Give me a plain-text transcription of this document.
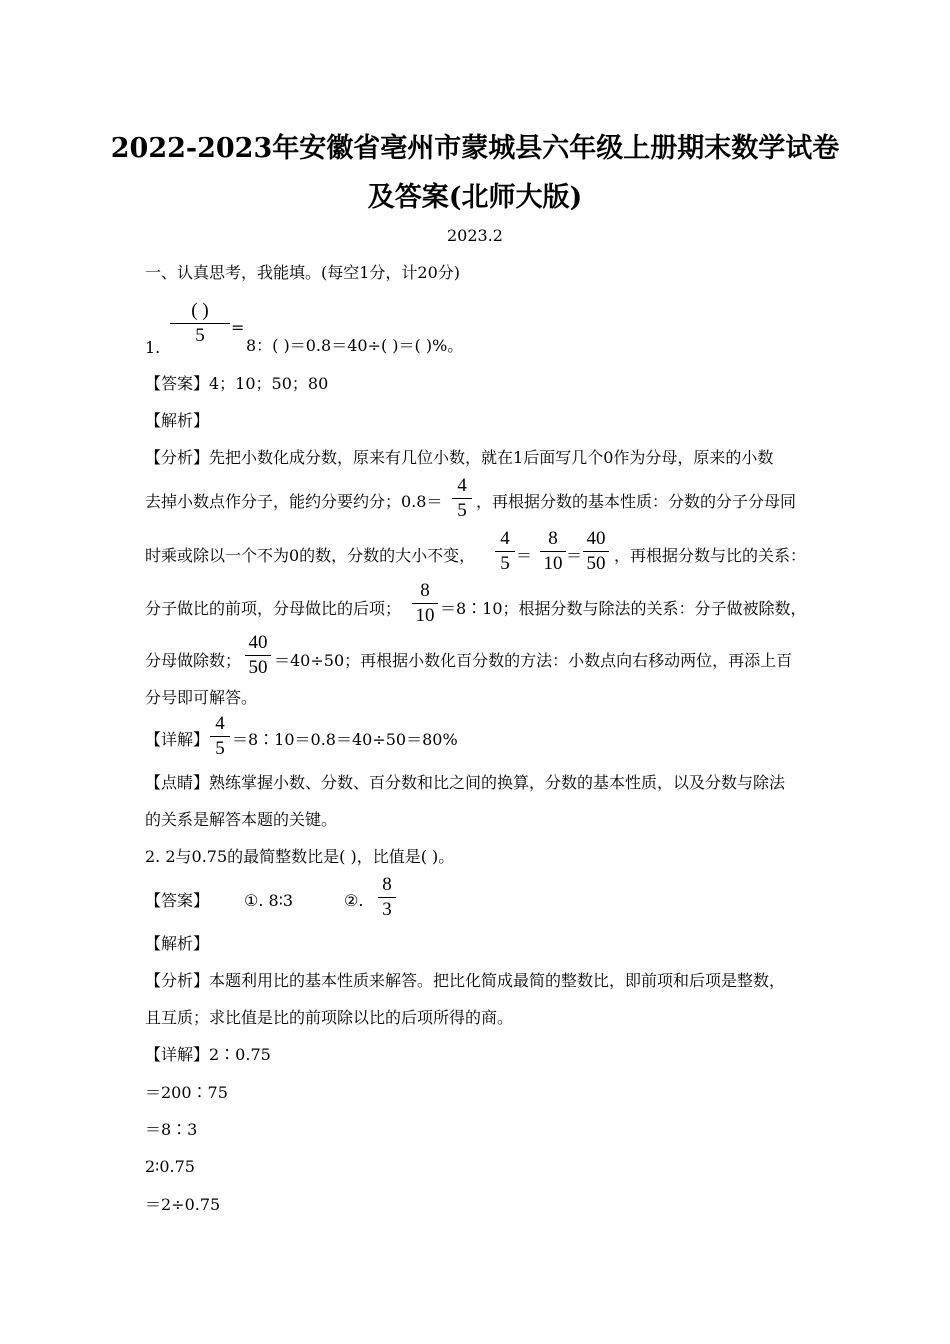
2022-2023年安徽省亳州市蒙城县六年级上册期末数学试卷
及答案(北师大版)
2023.2
一、认真思考，我能填。(每空1分，计20分)
( )
5	=
1.	8：( )＝0.8＝40÷( )＝( )%。
【答案】4；10；50；80
【解析】
【分析】先把小数化成分数，原来有几位小数，就在1后面写几个0作为分母，原来的小数
去掉小数点作分子，能约分要约分；0.8＝
4
5 ，再根据分数的基本性质：分数的分子分母同
时乘或除以一个不为0的数，分数的大小不变，
4
5 ＝
8
10 ＝
40
50 ，再根据分数与比的关系：
分子做比的前项，分母做比的后项；
8
10 ＝8∶10；根据分数与除法的关系：分子做被除数，
分母做除数；
40
50 ＝40÷50；再根据小数化百分数的方法：小数点向右移动两位，再添上百
分号即可解答。
【详解】
4
5 ＝8∶10＝0.8＝40÷50＝80%
【点睛】熟练掌握小数、分数、百分数和比之间的换算，分数的基本性质，以及分数与除法
的关系是解答本题的关键。
2. 2与0.75的最简整数比是( )，比值是( )。
【答案】 ①. 8∶3	②.
8
3
【解析】
【分析】本题利用比的基本性质来解答。把比化简成最简的整数比，即前项和后项是整数，
且互质；求比值是比的前项除以比的后项所得的商。
【详解】2∶0.75
＝200∶75
＝8∶3
2∶0.75
＝2÷0.75
